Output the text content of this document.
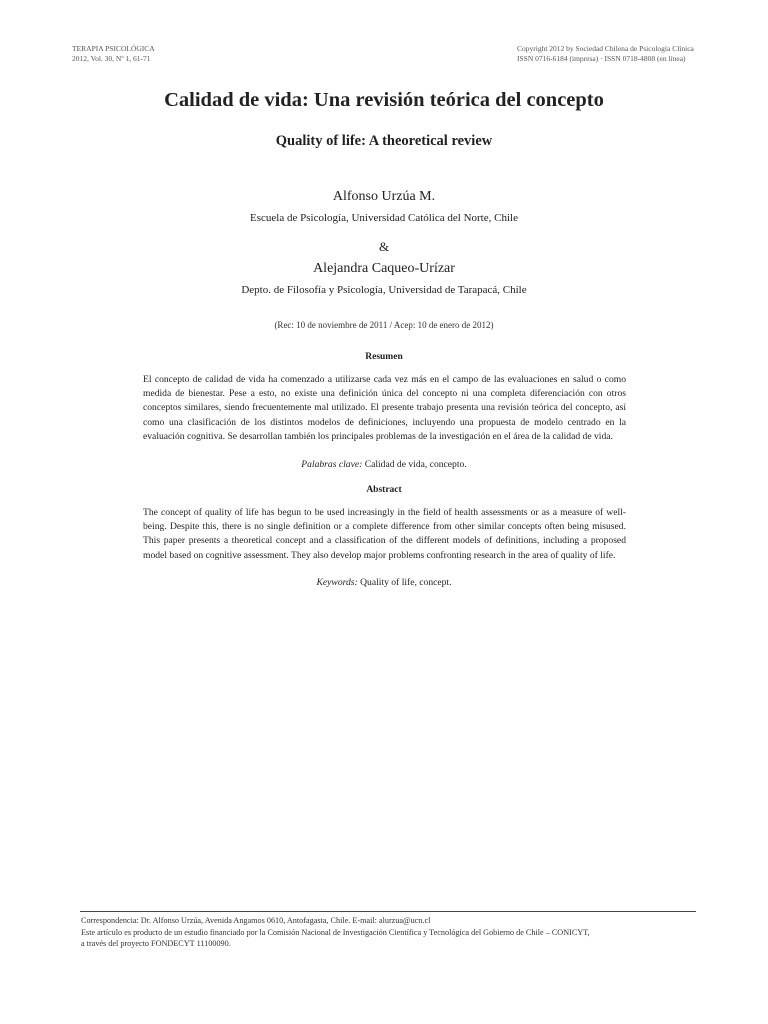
TERAPIA PSICOLÓGICA
2012, Vol. 30, Nº 1, 61-71
Copyright 2012 by Sociedad Chilena de Psicología Clínica
ISSN 0716-6184 (impresa) · ISSN 0718-4808 (en línea)
Calidad de vida: Una revisión teórica del concepto
Quality of life: A theoretical review
Alfonso Urzúa M.
Escuela de Psicología, Universidad Católica del Norte, Chile
&
Alejandra Caqueo-Urízar
Depto. de Filosofía y Psicología, Universidad de Tarapacá, Chile
(Rec: 10 de noviembre de 2011 / Acep: 10 de enero de 2012)
Resumen
El concepto de calidad de vida ha comenzado a utilizarse cada vez más en el campo de las evaluaciones en salud o como medida de bienestar. Pese a esto, no existe una definición única del concepto ni una completa diferenciación con otros conceptos similares, siendo frecuentemente mal utilizado. El presente trabajo presenta una revisión teórica del concepto, así como una clasificación de los distintos modelos de definiciones, incluyendo una propuesta de modelo centrado en la evaluación cognitiva. Se desarrollan también los principales problemas de la investigación en el área de la calidad de vida.
Palabras clave: Calidad de vida, concepto.
Abstract
The concept of quality of life has begun to be used increasingly in the field of health assessments or as a measure of well-being. Despite this, there is no single definition or a complete difference from other similar concepts often being misused. This paper presents a theoretical concept and a classification of the different models of definitions, including a proposed model based on cognitive assessment. They also develop major problems confronting research in the area of quality of life.
Keywords: Quality of life, concept.
Correspondencia: Dr. Alfonso Urzúa, Avenida Angamos 0610, Antofagasta, Chile. E-mail: alurzua@ucn.cl
Este artículo es producto de un estudio financiado por la Comisión Nacional de Investigación Científica y Tecnológica del Gobierno de Chile – CONICYT,
a través del proyecto FONDECYT 11100090.
